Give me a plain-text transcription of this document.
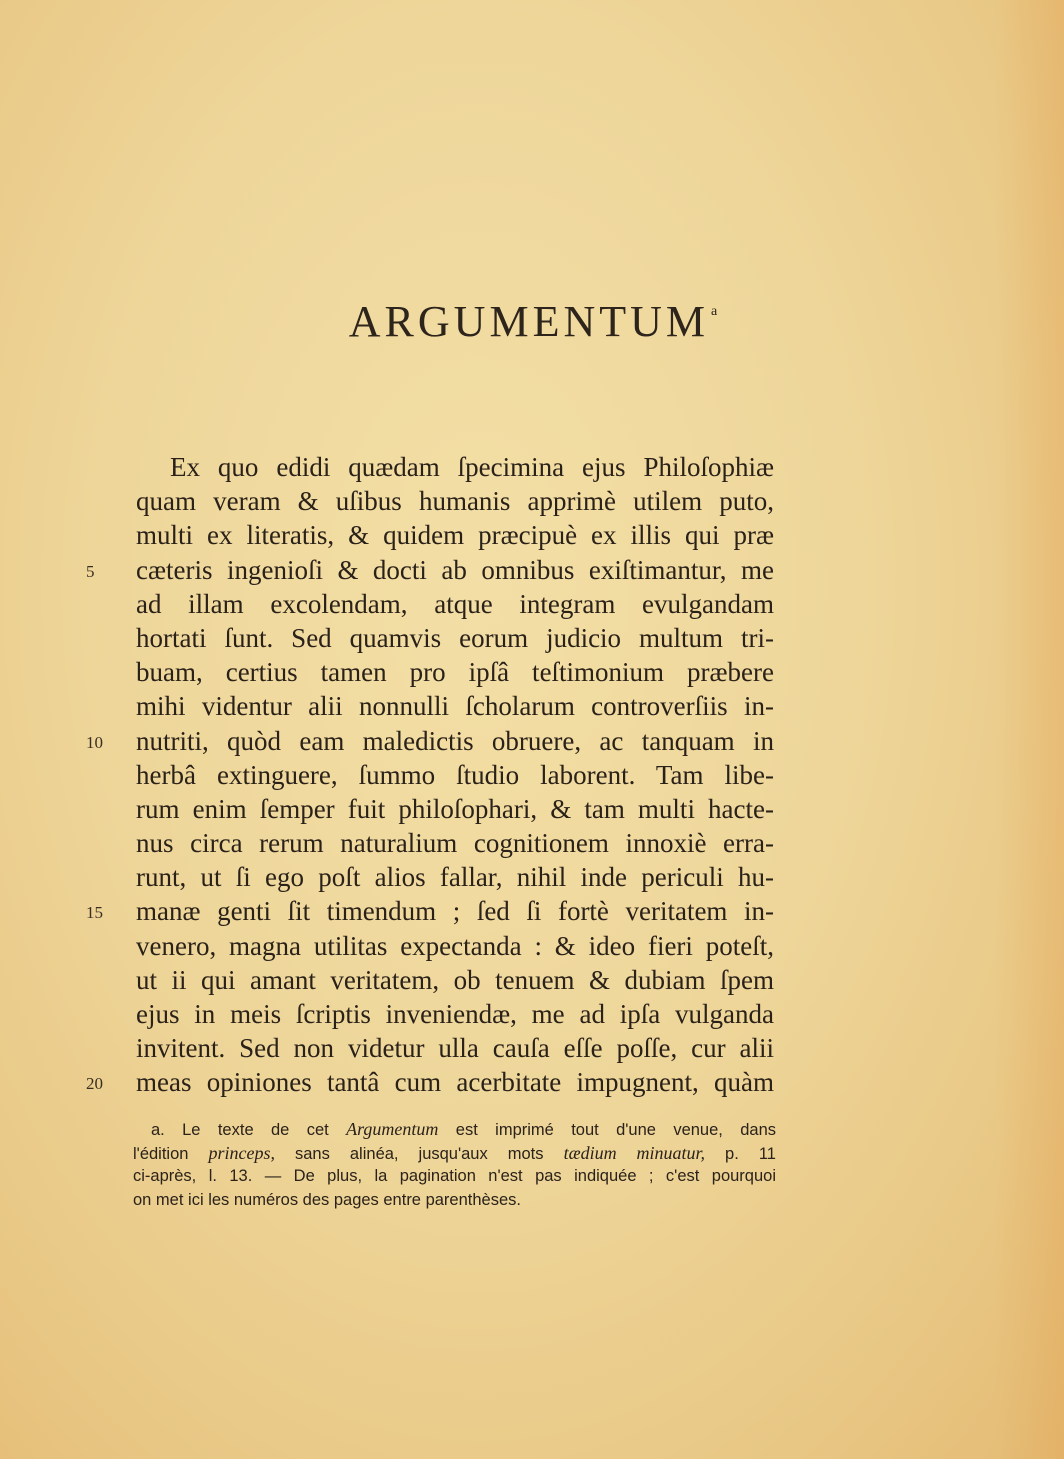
ARGUMENTUM $^a$
Ex quo edidi quædam ſpecimina ejus Philoſophiæ
quam veram & uſibus humanis apprimè utilem puto,
multi ex literatis, & quidem præcipuè ex illis qui præ
5	cæteris ingenioſi & docti ab omnibus exiſtimantur, me
ad illam excolendam, atque integram evulgandam
hortati ſunt. Sed quamvis eorum judicio multum tri-
buam, certius tamen pro ipſâ teſtimonium præbere
mihi videntur alii nonnulli ſcholarum controverſiis in-
10	nutriti, quòd eam maledictis obruere, ac tanquam in
herbâ extinguere, ſummo ſtudio laborent. Tam libe-
rum enim ſemper fuit philoſophari, & tam multi hacte-
nus circa rerum naturalium cognitionem innoxiè erra-
runt, ut ſi ego poſt alios fallar, nihil inde periculi hu-
15	manæ genti ſit timendum ; ſed ſi fortè veritatem in-
venero, magna utilitas expectanda : & ideo fieri poteſt,
ut ii qui amant veritatem, ob tenuem & dubiam ſpem
ejus in meis ſcriptis inveniendæ, me ad ipſa vulganda
invitent. Sed non videtur ulla cauſa eſſe poſſe, cur alii
20	meas opiniones tantâ cum acerbitate impugnent, quàm
a. Le texte de cet Argumentum est imprimé tout d'une venue, dans
l'édition princeps, sans alinéa, jusqu'aux mots tædium minuatur, p. 11
ci-après, l. 13. — De plus, la pagination n'est pas indiquée ; c'est pourquoi
on met ici les numéros des pages entre parenthèses.
